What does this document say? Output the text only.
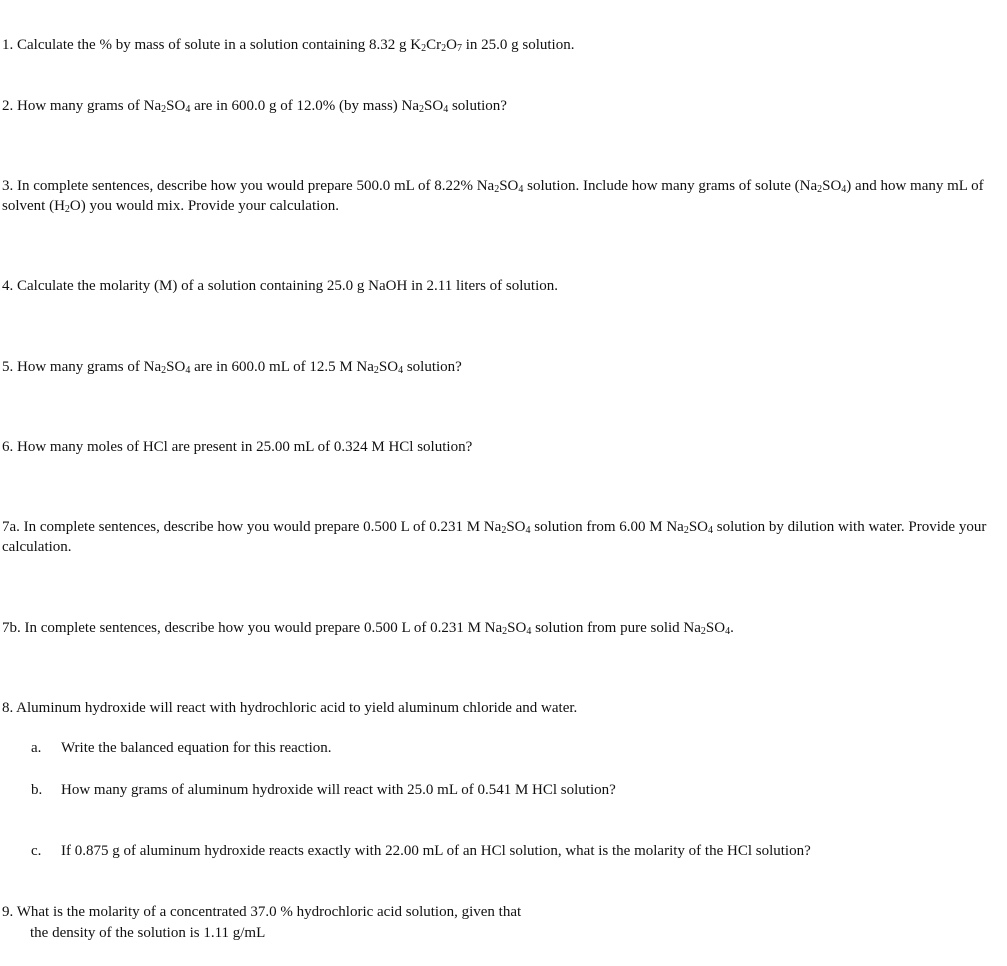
1. Calculate the % by mass of solute in a solution containing 8.32 g $K_2Cr_2O_7$ in 25.0 g solution.
2. How many grams of $Na_2SO_4$ are in 600.0 g of 12.0% (by mass) $Na_2SO_4$ solution?
3. In complete sentences, describe how you would prepare 500.0 mL of 8.22% $Na_2SO_4$ solution. Include how many grams of solute $(Na_2SO_4)$ and how many mL of solvent $(H_2O)$ you would mix. Provide your calculation.
4. Calculate the molarity (M) of a solution containing 25.0 g NaOH in 2.11 liters of solution.
5. How many grams of $Na_2SO_4$ are in 600.0 mL of 12.5 M $Na_2SO_4$ solution?
6. How many moles of HCl are present in 25.00 mL of 0.324 M HCl solution?
7a. In complete sentences, describe how you would prepare 0.500 L of 0.231 M $Na_2SO_4$ solution from 6.00 M $Na_2SO_4$ solution by dilution with water. Provide your calculation.
7b. In complete sentences, describe how you would prepare 0.500 L of 0.231 M $Na_2SO_4$ solution from pure solid $Na_2SO_4$.
8. Aluminum hydroxide will react with hydrochloric acid to yield aluminum chloride and water.
a. Write the balanced equation for this reaction.
b. How many grams of aluminum hydroxide will react with 25.0 mL of 0.541 M HCl solution?
c. If 0.875 g of aluminum hydroxide reacts exactly with 22.00 mL of an HCl solution, what is the molarity of the HCl solution?
9. What is the molarity of a concentrated 37.0 % hydrochloric acid solution, given that
the density of the solution is 1.11 g/mL
